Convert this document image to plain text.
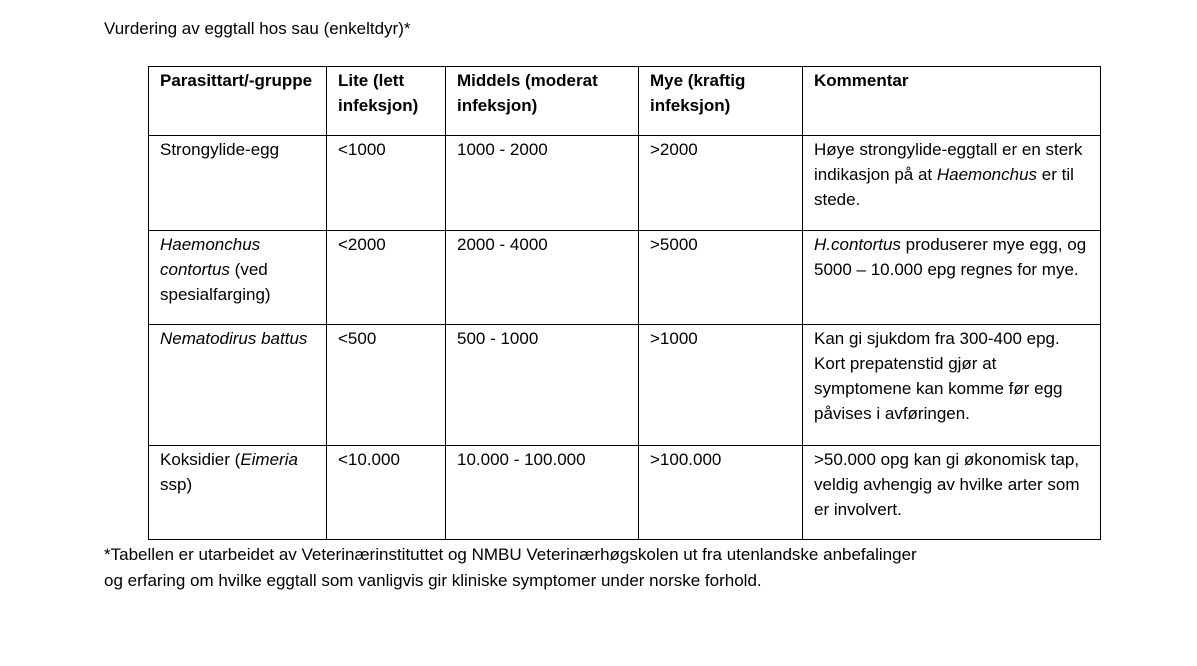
Vurdering av eggtall hos sau (enkeltdyr)*
Parasittart/-gruppe	Lite (lett infeksjon)	Middels (moderat infeksjon)	Mye (kraftig infeksjon)	Kommentar
Strongylide-egg	<1000	1000 - 2000	>2000	Høye strongylide-eggtall er en sterk indikasjon på at Haemonchus er til stede.
Haemonchus contortus (ved spesialfarging)	<2000	2000 - 4000	>5000	H.contortus produserer mye egg, og 5000 – 10.000 epg regnes for mye.
Nematodirus battus	<500	500 - 1000	>1000	Kan gi sjukdom fra 300-400 epg. Kort prepatenstid gjør at symptomene kan komme før egg påvises i avføringen.
Koksidier (Eimeria ssp)	<10.000	10.000 - 100.000	>100.000	>50.000 opg kan gi økonomisk tap, veldig avhengig av hvilke arter som er involvert.
*Tabellen er utarbeidet av Veterinærinstituttet og NMBU Veterinærhøgskolen ut fra utenlandske anbefalinger
og erfaring om hvilke eggtall som vanligvis gir kliniske symptomer under norske forhold.
